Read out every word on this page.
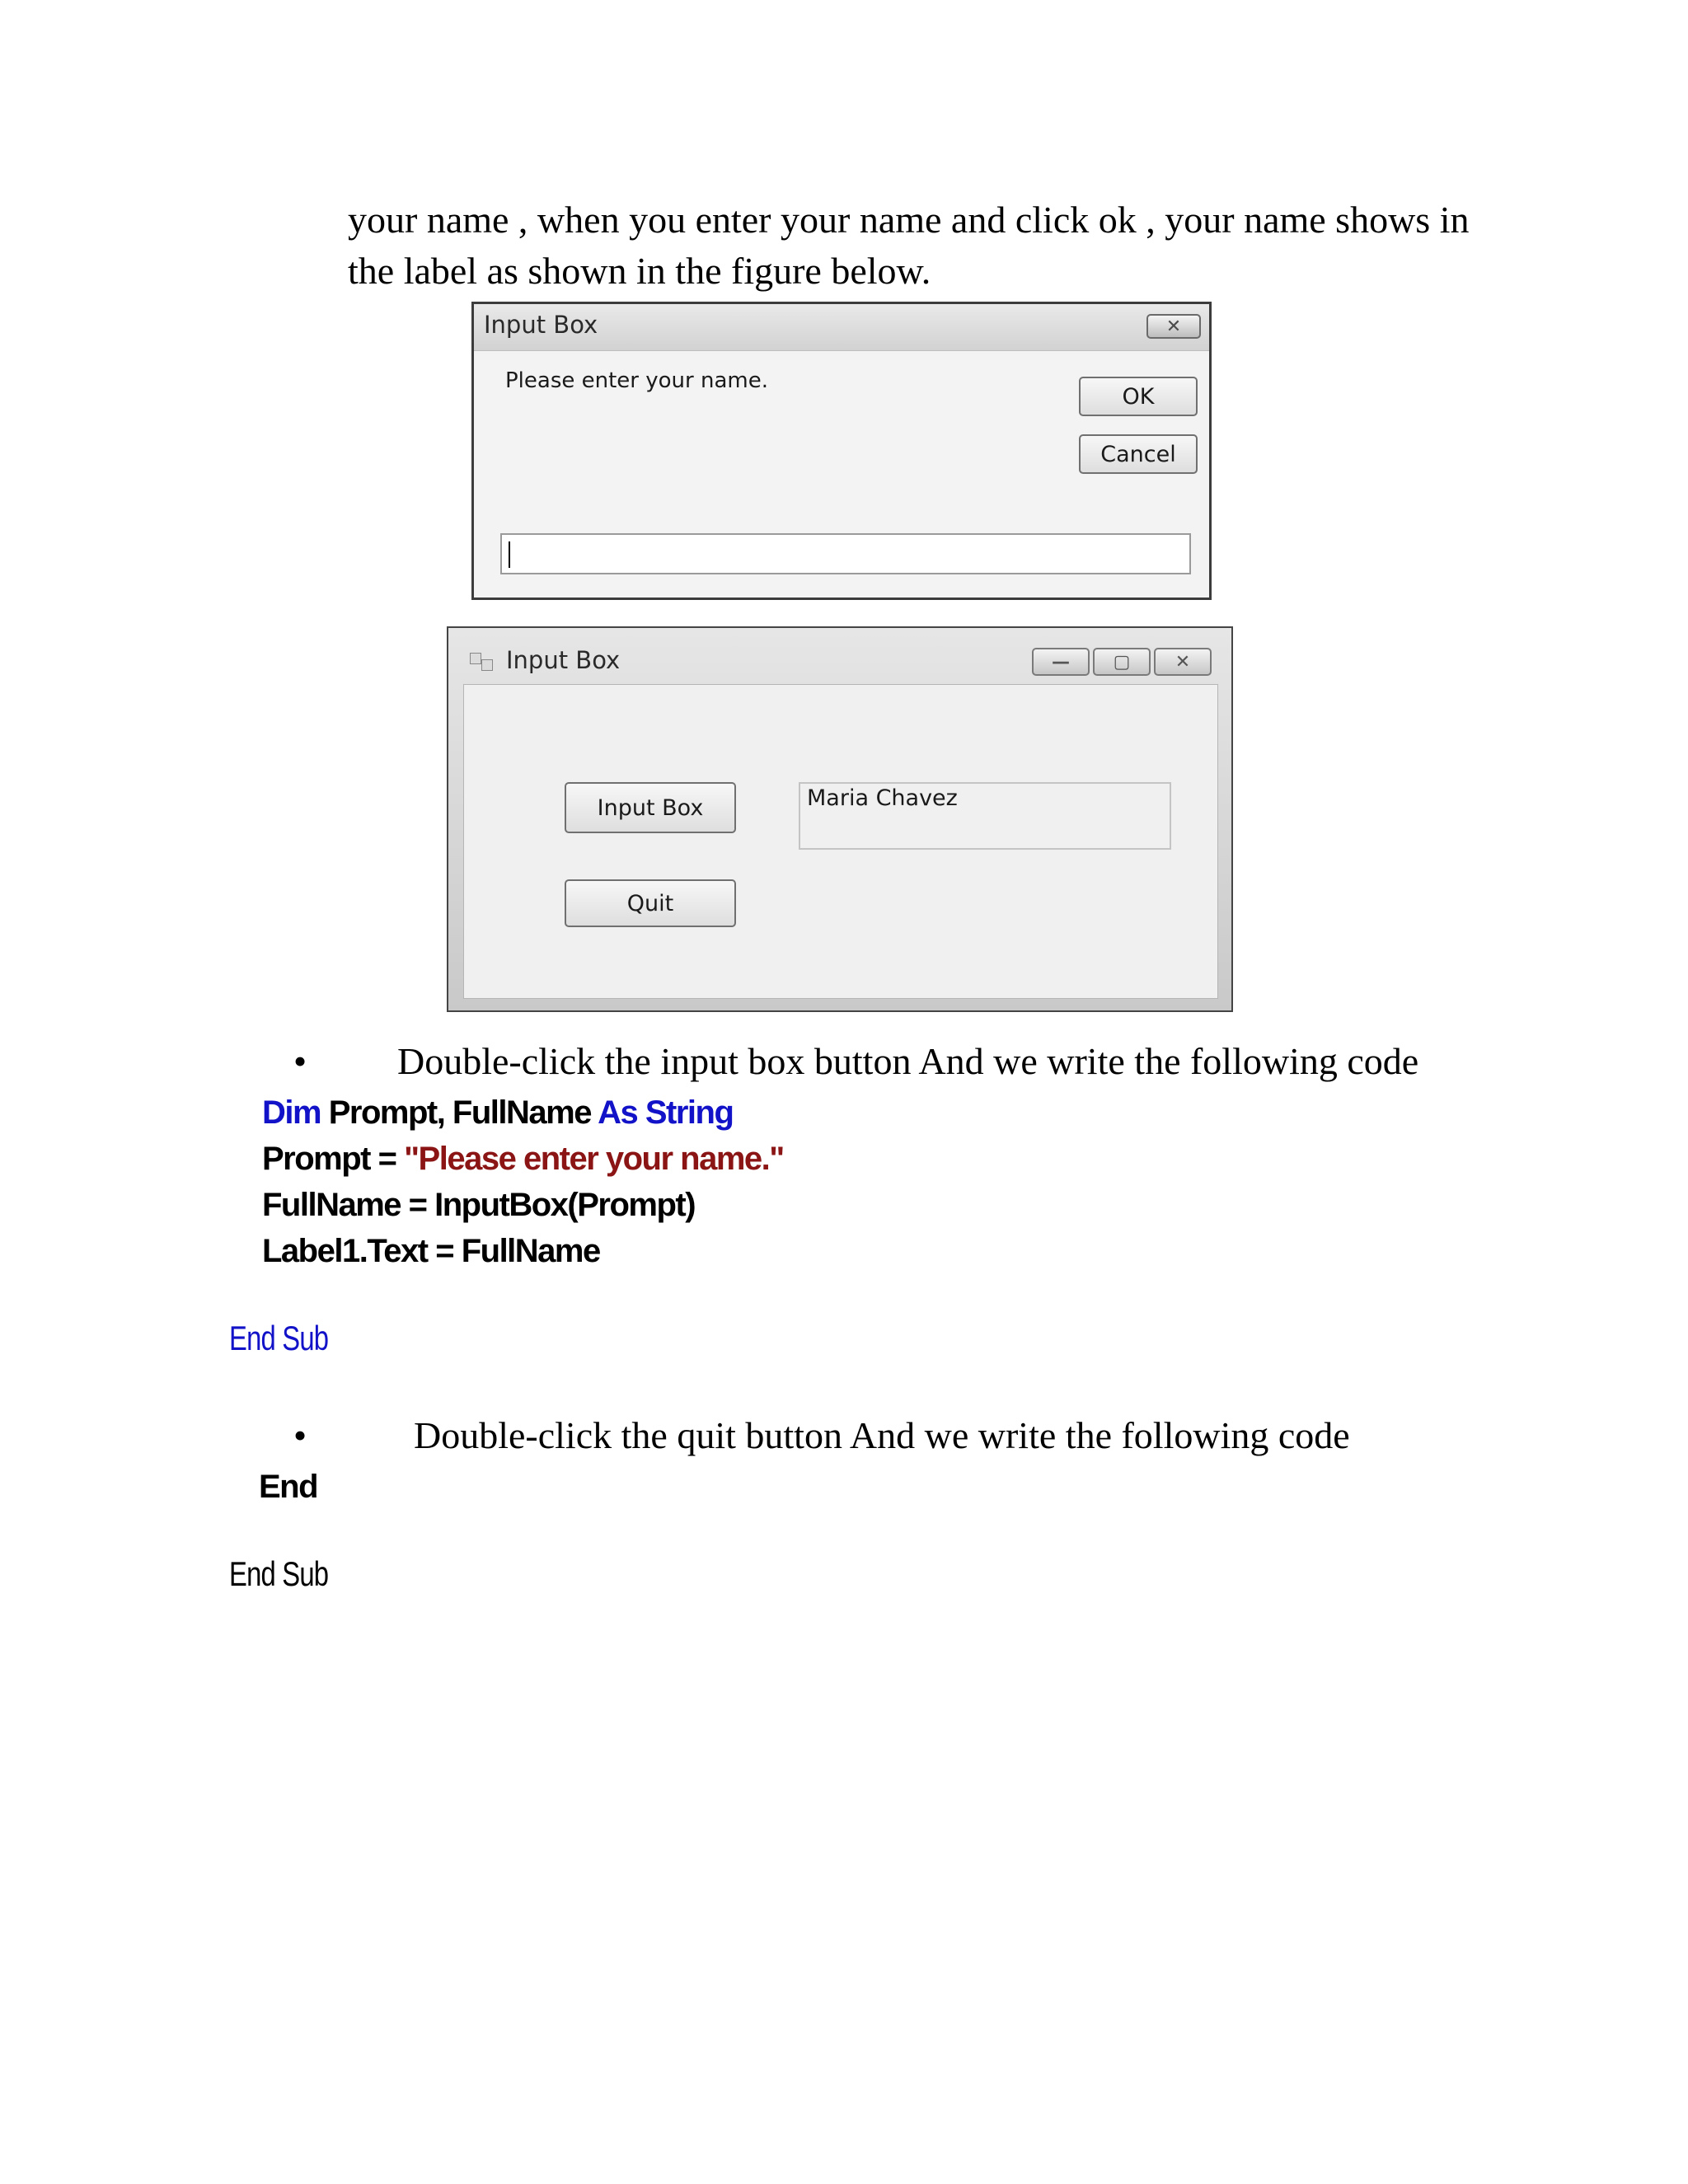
your name , when you enter your name and click ok , your name shows in

the label as shown in the figure below.

Input Box	✕
Please enter your name.
OK
Cancel
Input Box	—	▢	✕
Input Box
Quit
Maria Chavez
• Double-click the input box button And we write the following code
Dim Prompt, FullName As String
Prompt = "Please enter your name."
FullName = InputBox(Prompt)
Label1.Text = FullName
End Sub
•	Double-click the quit button And we write the following code
End
End Sub
